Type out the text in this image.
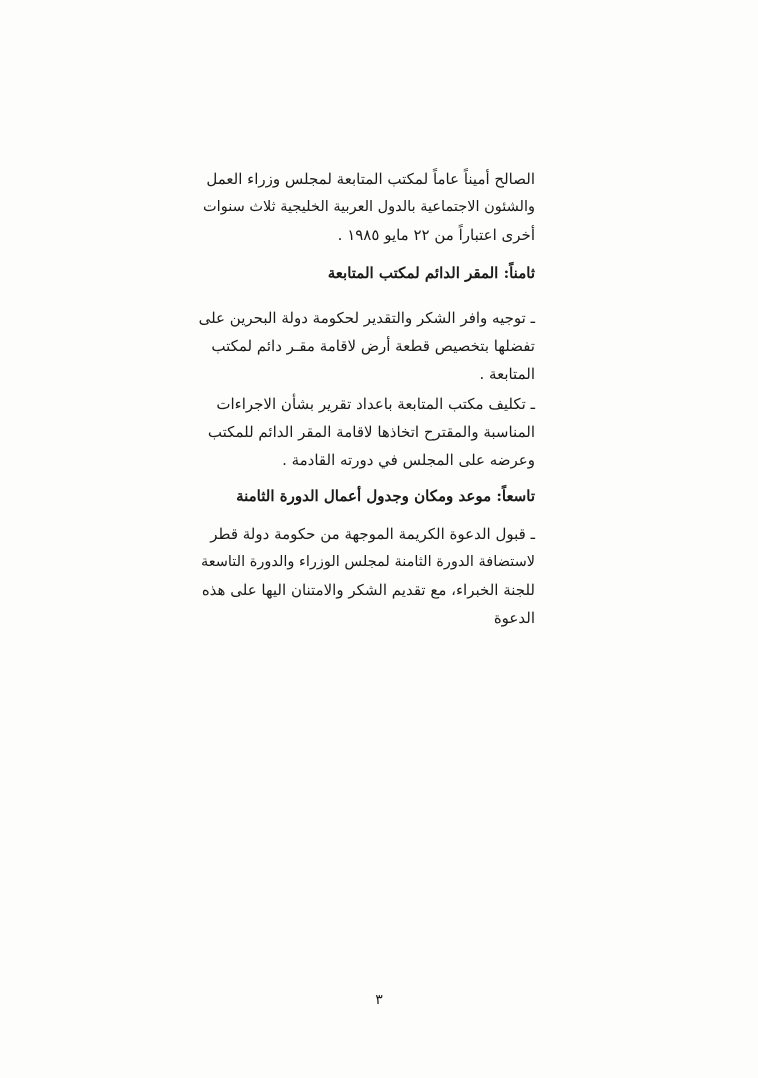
الصالح أميناً عاماً لمكتب المتابعة لمجلس وزراء العمل
والشئون الاجتماعية بالدول العربية الخليجية ثلاث سنوات
أخرى اعتباراً من ٢٢ مايو ١٩٨٥ .
ثامناً: المقر الدائم لمكتب المتابعة
ـ توجيه وافر الشكر والتقدير لحكومة دولة البحرين على
تفضلها بتخصيص قطعة أرض لاقامة مقـر دائم لمكتب
المتابعة .
ـ تكليف مكتب المتابعة باعداد تقرير بشأن الاجراءات
المناسبة والمقترح اتخاذها لاقامة المقر الدائم للمكتب
وعرضه على المجلس في دورته القادمة .
تاسعاً: موعد ومكان وجدول أعمال الدورة الثامنة
ـ قبول الدعوة الكريمة الموجهة من حكومة دولة قطر
لاستضافة الدورة الثامنة لمجلس الوزراء والدورة التاسعة
للجنة الخبراء، مع تقديم الشكر والامتنان اليها على هذه
الدعوة
٣
